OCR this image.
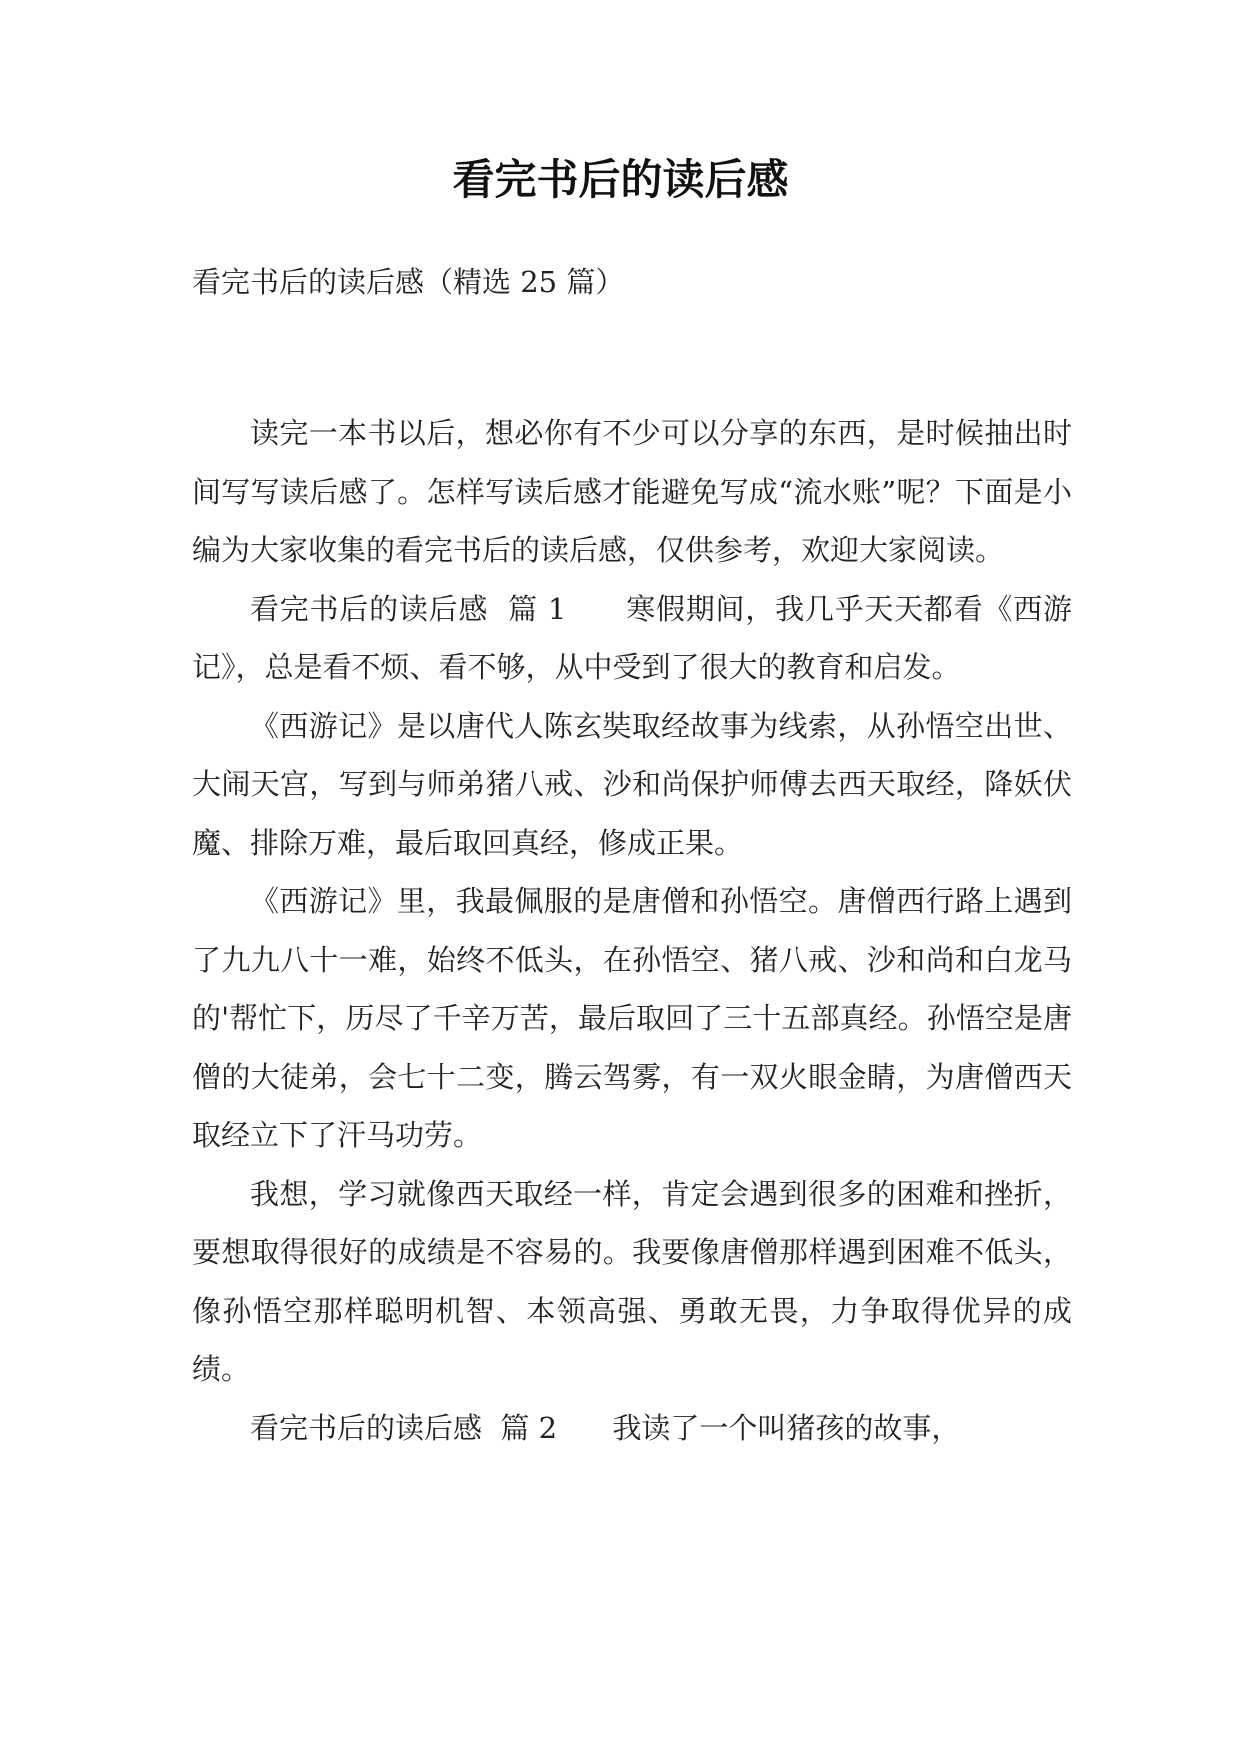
看完书后的读后感
看完书后的读后感（精选 25 篇）

读完一本书以后，想必你有不少可以分享的东西，是时候抽出时间写写读后感了。怎样写读后感才能避免写成“流水账”呢？下面是小编为大家收集的看完书后的读后感，仅供参考，欢迎大家阅读。

看完书后的读后感  篇 1 寒假期间，我几乎天天都看《西游记》，总是看不烦、看不够，从中受到了很大的教育和启发。

《西游记》是以唐代人陈玄奘取经故事为线索，从孙悟空出世、大闹天宫，写到与师弟猪八戒、沙和尚保护师傅去西天取经，降妖伏魔、排除万难，最后取回真经，修成正果。

《西游记》里，我最佩服的是唐僧和孙悟空。唐僧西行路上遇到了九九八十一难，始终不低头，在孙悟空、猪八戒、沙和尚和白龙马的'帮忙下，历尽了千辛万苦，最后取回了三十五部真经。孙悟空是唐僧的大徒弟，会七十二变，腾云驾雾，有一双火眼金睛，为唐僧西天取经立下了汗马功劳。

我想，学习就像西天取经一样，肯定会遇到很多的困难和挫折，要想取得很好的成绩是不容易的。我要像唐僧那样遇到困难不低头，像孙悟空那样聪明机智、本领高强、勇敢无畏，力争取得优异的成绩。

看完书后的读后感  篇 2 我读了一个叫猪孩的故事，
